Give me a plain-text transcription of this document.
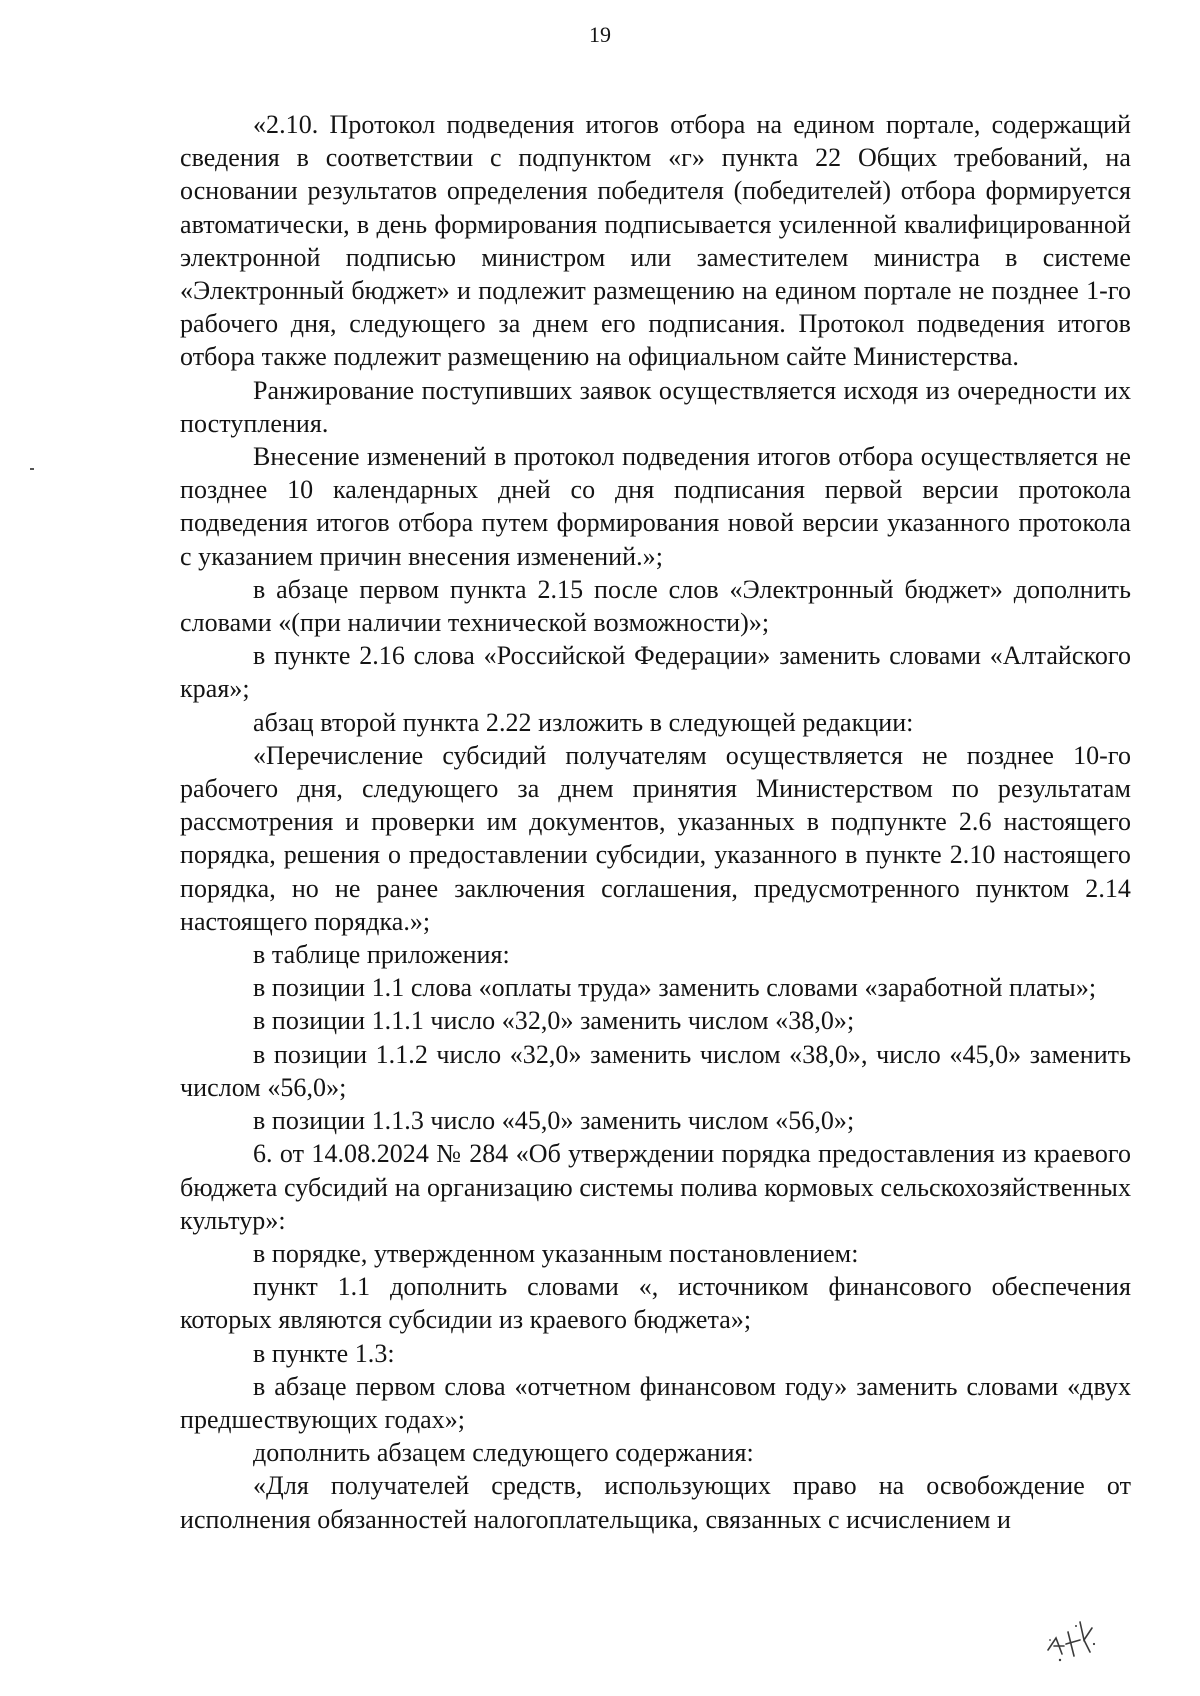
19

«2.10. Протокол подведения итогов отбора на едином портале, содержащий сведения в соответствии с подпунктом «г» пункта 22 Общих требований, на основании результатов определения победителя (победителей) отбора формируется автоматически, в день формирования подписывается усиленной квалифицированной электронной подписью министром или заместителем министра в системе «Электронный бюджет» и подлежит размещению на едином портале не позднее 1-го рабочего дня, следующего за днем его подписания. Протокол подведения итогов отбора также подлежит размещению на официальном сайте Министерства.

Ранжирование поступивших заявок осуществляется исходя из очередности их поступления.

Внесение изменений в протокол подведения итогов отбора осуществляется не позднее 10 календарных дней со дня подписания первой версии протокола подведения итогов отбора путем формирования новой версии указанного протокола с указанием причин внесения изменений.»;

в абзаце первом пункта 2.15 после слов «Электронный бюджет» дополнить словами «(при наличии технической возможности)»;

в пункте 2.16 слова «Российской Федерации» заменить словами «Алтайского края»;

абзац второй пункта 2.22 изложить в следующей редакции:

«Перечисление субсидий получателям осуществляется не позднее 10-го рабочего дня, следующего за днем принятия Министерством по результатам рассмотрения и проверки им документов, указанных в подпункте 2.6 настоящего порядка, решения о предоставлении субсидии, указанного в пункте 2.10 настоящего порядка, но не ранее заключения соглашения, предусмотренного пунктом 2.14 настоящего порядка.»;

в таблице приложения:

в позиции 1.1 слова «оплаты труда» заменить словами «заработной платы»;

в позиции 1.1.1 число «32,0» заменить числом «38,0»;

в позиции 1.1.2 число «32,0» заменить числом «38,0», число «45,0» заменить числом «56,0»;

в позиции 1.1.3 число «45,0» заменить числом «56,0»;

6. от 14.08.2024 № 284 «Об утверждении порядка предоставления из краевого бюджета субсидий на организацию системы полива кормовых сельскохозяйственных культур»:

в порядке, утвержденном указанным постановлением:

пункт 1.1 дополнить словами «, источником финансового обеспечения которых являются субсидии из краевого бюджета»;

в пункте 1.3:

в абзаце первом слова «отчетном финансовом году» заменить словами «двух предшествующих годах»;

дополнить абзацем следующего содержания:

«Для получателей средств, использующих право на освобождение от исполнения обязанностей налогоплательщика, связанных с исчислением и
